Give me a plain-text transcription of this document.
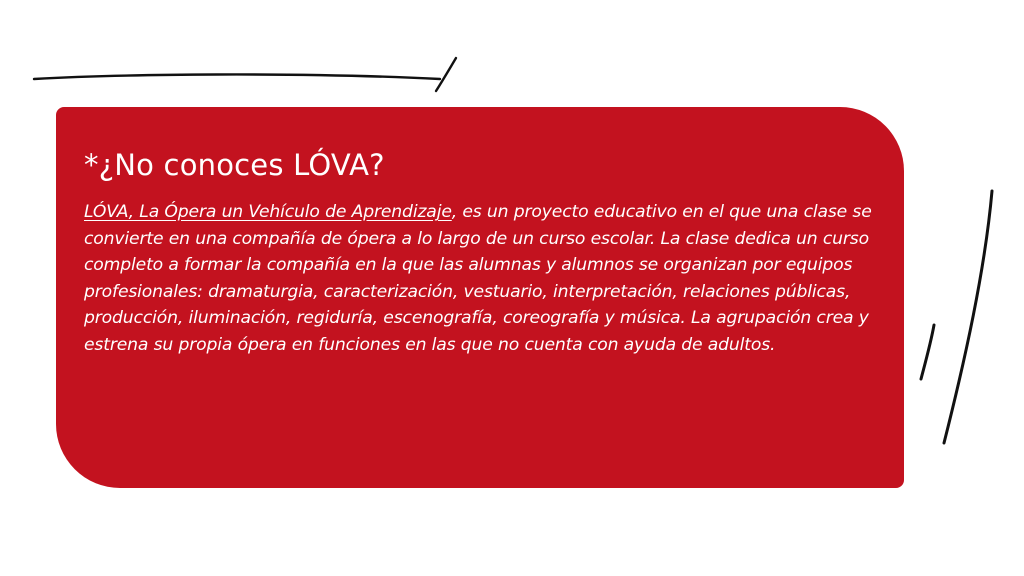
*¿No conoces LÓVA?

LÓVA, La Ópera un Vehículo de Aprendizaje, es un proyecto educativo en el que una clase se convierte en una compañía de ópera a lo largo de un curso escolar. La clase dedica un curso completo a formar la compañía en la que las alumnas y alumnos se organizan por equipos profesionales: dramaturgia, caracterización, vestuario, interpretación, relaciones públicas, producción, iluminación, regiduría, escenografía, coreografía y música. La agrupación crea y estrena su propia ópera en funciones en las que no cuenta con ayuda de adultos.
